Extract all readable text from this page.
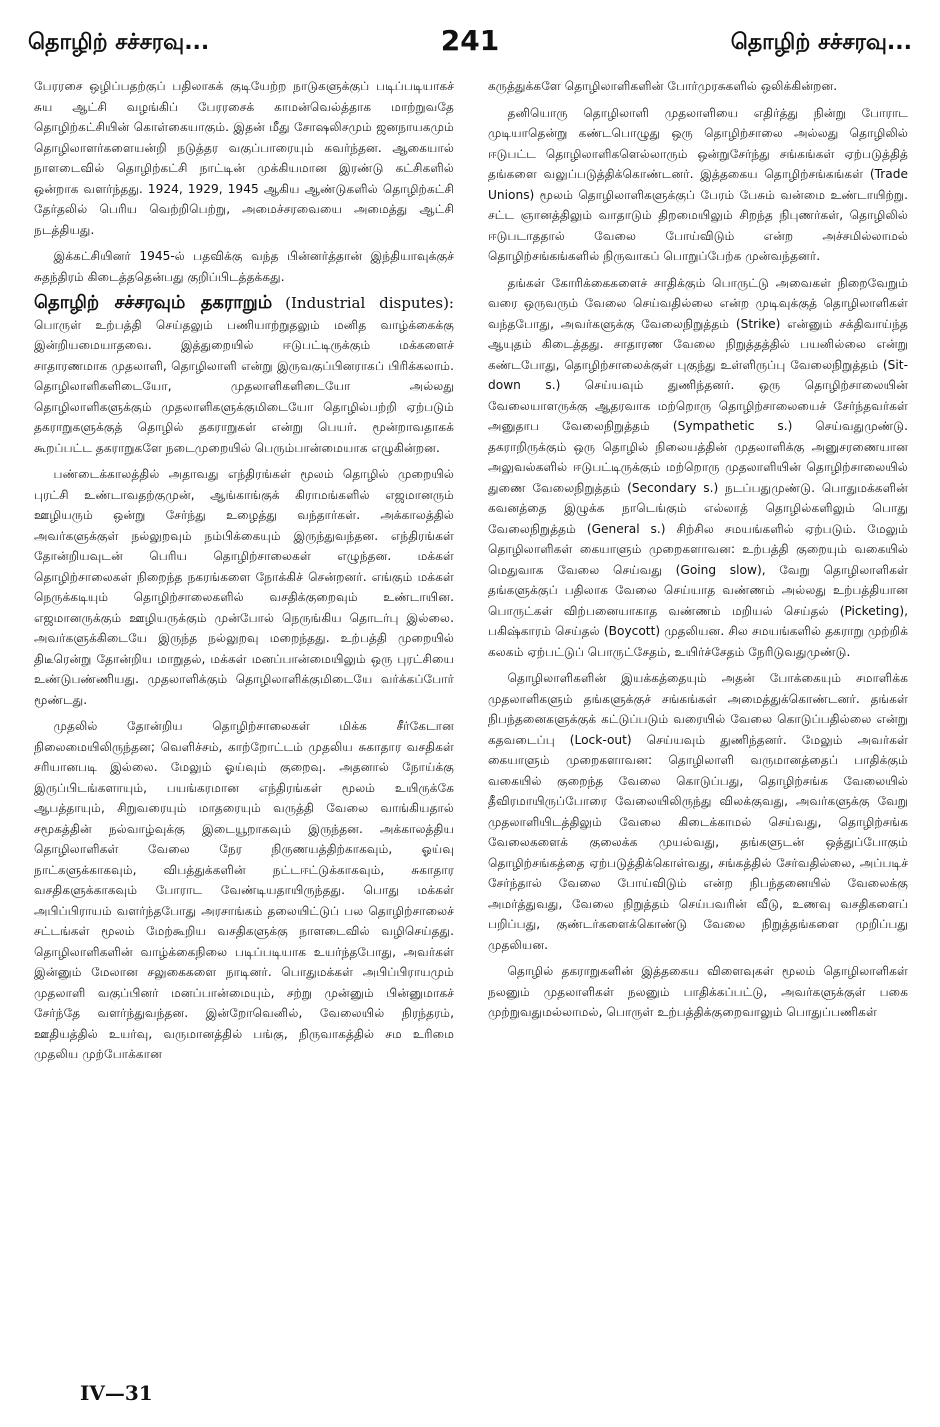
தொழிற் சச்சரவு...	241	தொழிற் சச்சரவு...

பேரரசை ஒழிப்பதற்குப் பதிலாகக் குடியேற்ற நாடுகளுக்குப் படிப்படியாகச் சுய ஆட்சி வழங்கிப் பேரரசைக் காமன்வெல்த்தாக மாற்றுவதே தொழிற்கட்சியின் கொள்கையாகும். இதன் மீது சோஷலிசமும் ஜனநாயகமும் தொழிலாளர்களையன்றி நடுத்தர வகுப்பாரையும் கவர்ந்தன. ஆகையால் நாளடைவில் தொழிற்கட்சி நாட்டின் முக்கியமான இரண்டு கட்சிகளில் ஒன்றாக வளர்ந்தது. 1924, 1929, 1945 ஆகிய ஆண்டுகளில் தொழிற்கட்சி தேர்தலில் பெரிய வெற்றிபெற்று, அமைச்சரவையை அமைத்து ஆட்சி நடத்தியது.

இக்கட்சியினர் 1945-ல் பதவிக்கு வந்த பின்னர்த்தான் இந்தியாவுக்குச் சுதந்திரம் கிடைத்ததென்பது குறிப்பிடத்தக்கது.

தொழிற் சச்சரவும் தகராறும் (Industrial disputes): பொருள் உற்பத்தி செய்தலும் பணியாற்றுதலும் மனித வாழ்க்கைக்கு இன்றியமையாதவை. இத்துறையில் ஈடுபட்டிருக்கும் மக்களைச் சாதாரணமாக முதலாளி, தொழிலாளி என்று இருவகுப்பினராகப் பிரிக்கலாம். தொழிலாளிகளிடையோ, முதலாளிகளிடையோ அல்லது தொழிலாளிகளுக்கும் முதலாளிகளுக்குமிடையோ தொழில்பற்றி ஏற்படும் தகராறுகளுக்குத் தொழில் தகராறுகள் என்று பெயர். மூன்றாவதாகக் கூறப்பட்ட தகராறுகளே நடைமுறையில் பெரும்பான்மையாக எழுகின்றன.

பண்டைக்காலத்தில் அதாவது எந்திரங்கள் மூலம் தொழில் முறையில் புரட்சி உண்டாவதற்குமுன், ஆங்காங்குக் கிராமங்களில் எஜமானரும் ஊழியரும் ஒன்று சேர்ந்து உழைத்து வந்தார்கள். அக்காலத்தில் அவர்களுக்குள் நல்லுறவும் நம்பிக்கையும் இருந்துவந்தன. எந்திரங்கள் தோன்றியவுடன் பெரிய தொழிற்சாலைகள் எழுந்தன. மக்கள் தொழிற்சாலைகள் நிறைந்த நகரங்களை நோக்கிச் சென்றனர். எங்கும் மக்கள் நெருக்கடியும் தொழிற்சாலைகளில் வசதிக்குறைவும் உண்டாயின. எஜமானருக்கும் ஊழியருக்கும் முன்போல் நெருங்கிய தொடர்பு இல்லை. அவர்களுக்கிடையே இருந்த நல்லுறவு மறைந்தது. உற்பத்தி முறையில் திடீரென்று தோன்றிய மாறுதல், மக்கள் மனப்பான்மையிலும் ஒரு புரட்சியை உண்டுபண்ணியது. முதலாளிக்கும் தொழிலாளிக்குமிடையே வர்க்கப்போர் மூண்டது.

முதலில் தோன்றிய தொழிற்சாலைகள் மிக்க சீர்கேடான நிலைமையிலிருந்தன; வெளிச்சம், காற்றோட்டம் முதலிய சுகாதார வசதிகள் சரியானபடி இல்லை. மேலும் ஓய்வும் குறைவு. அதனால் நோய்க்கு இருப்பிடங்களாயும், பயங்கரமான எந்திரங்கள் மூலம் உயிருக்கே ஆபத்தாயும், சிறுவரையும் மாதரையும் வருத்தி வேலை வாங்கியதால் சமூகத்தின் நல்வாழ்வுக்கு இடையூறாகவும் இருந்தன. அக்காலத்திய தொழிலாளிகள் வேலை நேர நிருணயத்திற்காகவும், ஓய்வு நாட்களுக்காகவும், விபத்துக்களின் நட்டஈட்டுக்காகவும், சுகாதார வசதிகளுக்காகவும் போராட வேண்டியதாயிருந்தது. பொது மக்கள் அபிப்பிராயம் வளர்ந்தபோது அரசாங்கம் தலையிட்டுப் பல தொழிற்சாலைச் சட்டங்கள் மூலம் மேற்கூறிய வசதிகளுக்கு நாளடைவில் வழிசெய்தது. தொழிலாளிகளின் வாழ்க்கைநிலை படிப்படியாக உயர்ந்தபோது, அவர்கள் இன்னும் மேலான சலுகைகளை நாடினர். பொதுமக்கள் அபிப்பிராயமும் முதலாளி வகுப்பினர் மனப்பான்மையும், சற்று முன்னும் பின்னுமாகச் சேர்ந்தே வளர்ந்துவந்தன. இன்றோவெனில், வேலையில் நிரந்தரம், ஊதியத்தில் உயர்வு, வருமானத்தில் பங்கு, நிருவாகத்தில் சம உரிமை முதலிய முற்போக்கான

கருத்துக்களே தொழிலாளிகளின் போர்முரசுகளில் ஒலிக்கின்றன.

தனியொரு தொழிலாளி முதலாளியை எதிர்த்து நின்று போராட முடியாதென்று கண்டபொழுது ஒரு தொழிற்சாலை அல்லது தொழிலில் ஈடுபட்ட தொழிலாளிகளெல்லாரும் ஒன்றுசேர்ந்து சங்கங்கள் ஏற்படுத்தித் தங்களை வலுப்படுத்திக்கொண்டனர். இத்தகைய தொழிற்சங்கங்கள் (Trade Unions) மூலம் தொழிலாளிகளுக்குப் பேரம் பேசும் வன்மை உண்டாயிற்று. சட்ட ஞானத்திலும் வாதாடும் திறமையிலும் சிறந்த நிபுணர்கள், தொழிலில் ஈடுபடாததால் வேலை போய்விடும் என்ற அச்சமில்லாமல் தொழிற்சங்கங்களில் நிருவாகப் பொறுப்பேற்க முன்வந்தனர்.

தங்கள் கோரிக்கைகளைச் சாதிக்கும் பொருட்டு அவைகள் நிறைவேறும் வரை ஒருவரும் வேலை செய்வதில்லை என்ற முடிவுக்குத் தொழிலாளிகள் வந்தபோது, அவர்களுக்கு வேலைநிறுத்தம் (Strike) என்னும் சக்திவாய்ந்த ஆயுதம் கிடைத்தது. சாதாரண வேலை நிறுத்தத்தில் பயனில்லை என்று கண்டபோது, தொழிற்சாலைக்குள் புகுந்து உள்ளிருப்பு வேலைநிறுத்தம் (Sit-down s.) செய்யவும் துணிந்தனர். ஒரு தொழிற்சாலையின் வேலையாளருக்கு ஆதரவாக மற்றொரு தொழிற்சாலையைச் சேர்ந்தவர்கள் அனுதாப வேலைநிறுத்தம் (Sympathetic s.) செய்வதுமுண்டு. தகராறிருக்கும் ஒரு தொழில் நிலையத்தின் முதலாளிக்கு அனுசரணையான அலுவல்களில் ஈடுபட்டிருக்கும் மற்றொரு முதலாளியின் தொழிற்சாலையில் துணை வேலைநிறுத்தம் (Secondary s.) நடப்பதுமுண்டு. பொதுமக்களின் கவனத்தை இழுக்க நாடெங்கும் எல்லாத் தொழில்களிலும் பொது வேலைநிறுத்தம் (General s.) சிற்சில சமயங்களில் ஏற்படும். மேலும் தொழிலாளிகள் கையாளும் முறைகளாவன: உற்பத்தி குறையும் வகையில் மெதுவாக வேலை செய்வது (Going slow), வேறு தொழிலாளிகள் தங்களுக்குப் பதிலாக வேலை செய்யாத வண்ணம் அல்லது உற்பத்தியான பொருட்கள் விற்பனையாகாத வண்ணம் மறியல் செய்தல் (Picketing), பகிஷ்காரம் செய்தல் (Boycott) முதலியன. சில சமயங்களில் தகராறு முற்றிக் கலகம் ஏற்பட்டுப் பொருட்சேதம், உயிர்ச்சேதம் நேரிடுவதுமுண்டு.

தொழிலாளிகளின் இயக்கத்தையும் அதன் போக்கையும் சமாளிக்க முதலாளிகளும் தங்களுக்குச் சங்கங்கள் அமைத்துக்கொண்டனர். தங்கள் நிபந்தனைகளுக்குக் கட்டுப்படும் வரையில் வேலை கொடுப்பதில்லை என்று கதவடைப்பு (Lock-out) செய்யவும் துணிந்தனர். மேலும் அவர்கள் கையாளும் முறைகளாவன: தொழிலாளி வருமானத்தைப் பாதிக்கும் வகையில் குறைந்த வேலை கொடுப்பது, தொழிற்சங்க வேலையில் தீவிரமாயிருப்போரை வேலையிலிருந்து விலக்குவது, அவர்களுக்கு வேறு முதலாளியிடத்திலும் வேலை கிடைக்காமல் செய்வது, தொழிற்சங்க வேலைகளைக் குலைக்க முயல்வது, தங்களுடன் ஒத்துப்போகும் தொழிற்சங்கத்தை ஏற்படுத்திக்கொள்வது, சங்கத்தில் சேர்வதில்லை, அப்படிச் சேர்ந்தால் வேலை போய்விடும் என்ற நிபந்தனையில் வேலைக்கு அமர்த்துவது, வேலை நிறுத்தம் செய்பவரின் வீடு, உணவு வசதிகளைப் பறிப்பது, குண்டர்களைக்கொண்டு வேலை நிறுத்தங்களை முறிப்பது முதலியன.

தொழில் தகராறுகளின் இத்தகைய விளைவுகள் மூலம் தொழிலாளிகள் நலனும் முதலாளிகள் நலனும் பாதிக்கப்பட்டு, அவர்களுக்குள் பகை முற்றுவதுமல்லாமல், பொருள் உற்பத்திக்குறைவாலும் பொதுப்பணிகள்

IV—31
